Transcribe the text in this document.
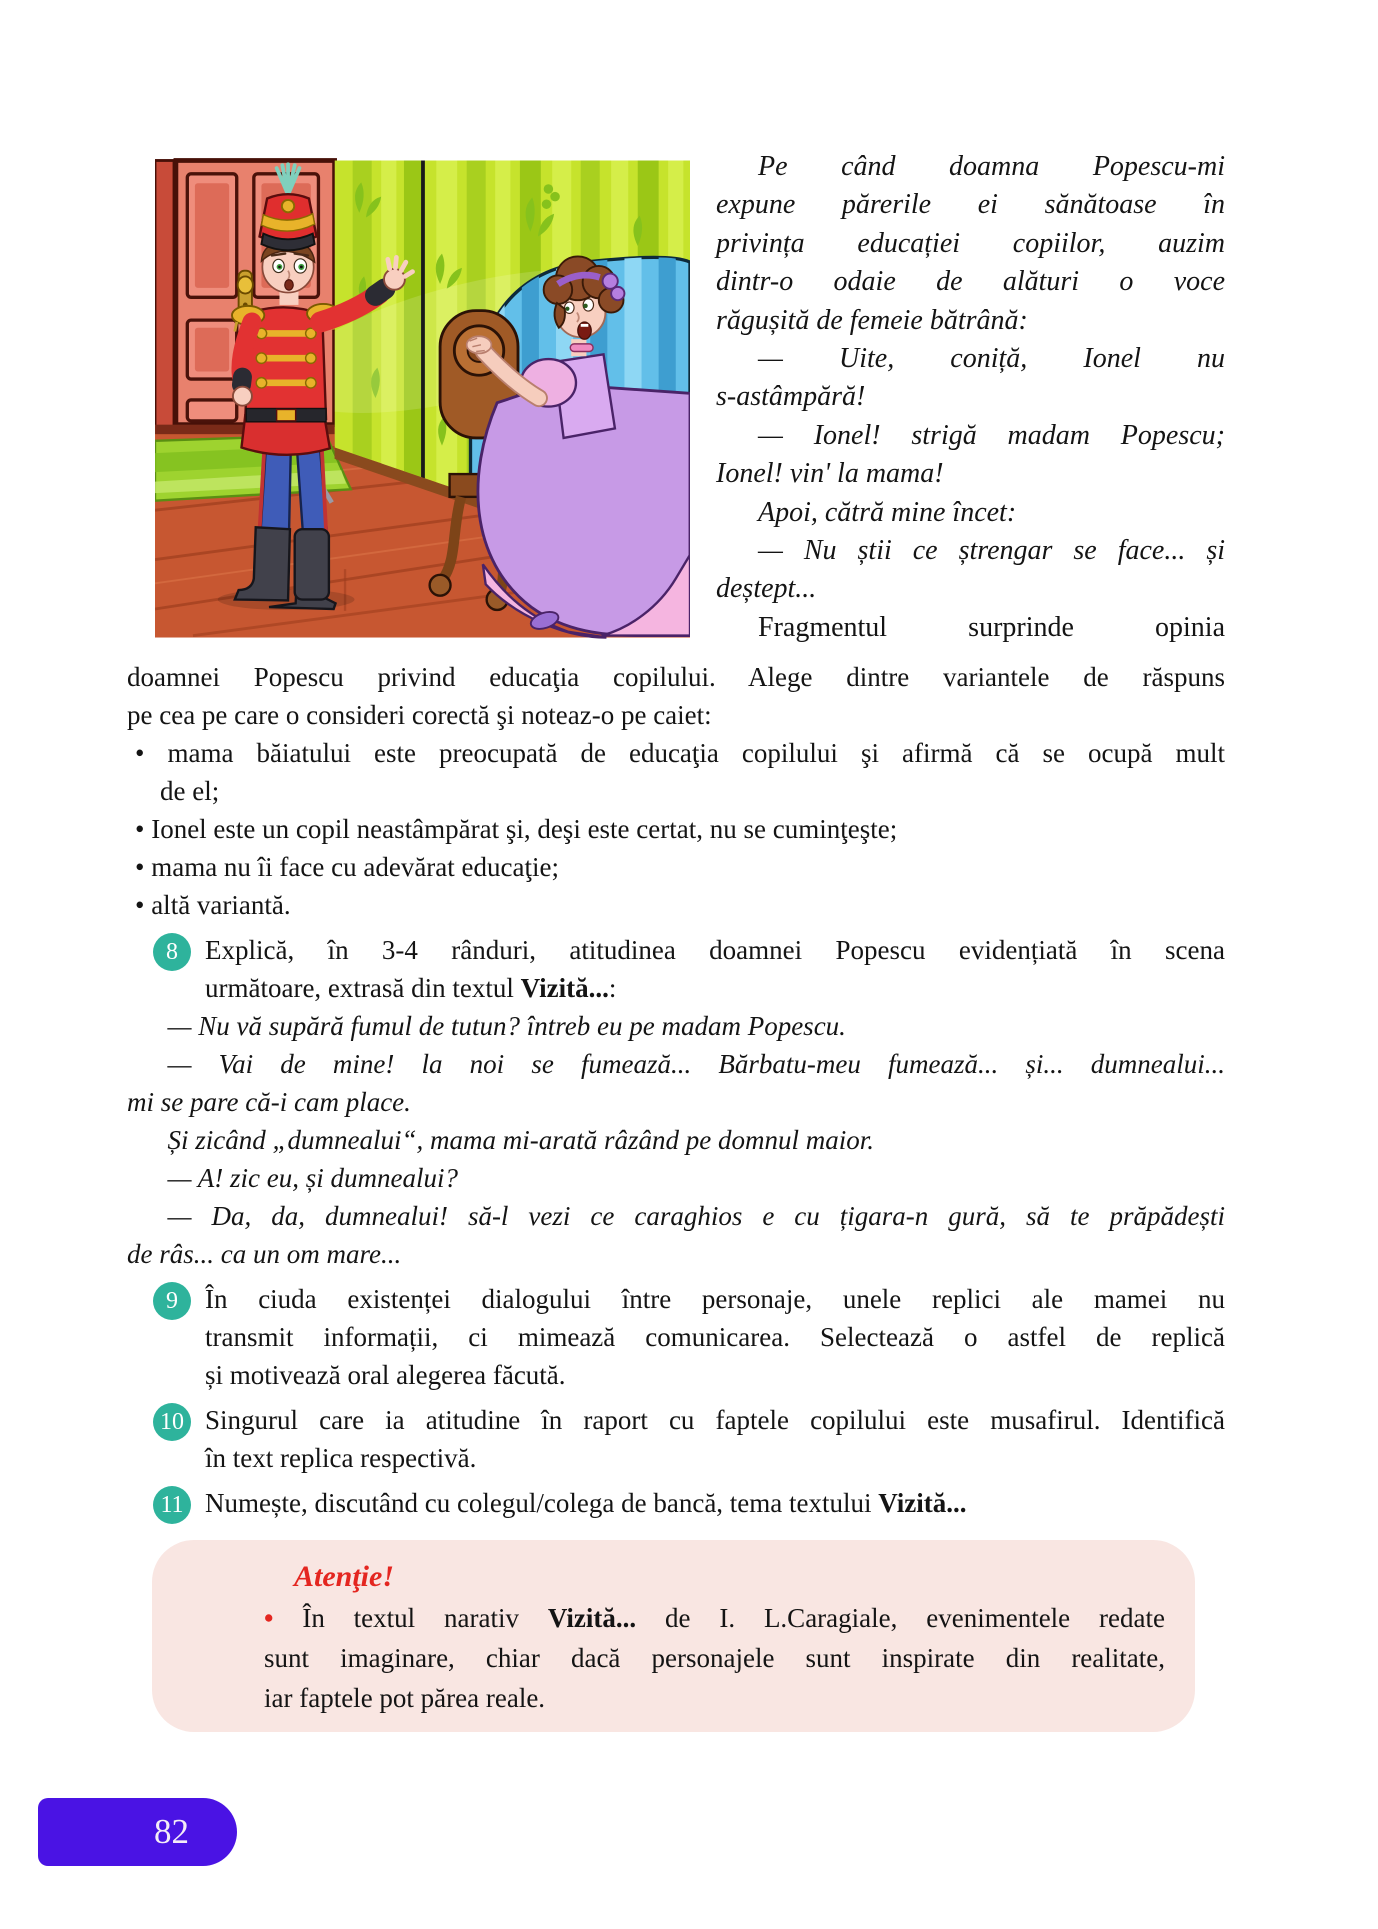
Pe când doamna Popescu-mi
expune părerile ei sănătoase în
privința educației copiilor, auzim
dintr-o odaie de alături o voce
răgușită de femeie bătrână:
— Uite, coniță, Ionel nu
s-astâmpără!
— Ionel! strigă madam Popescu;
Ionel! vin' la mama!
Apoi, cătră mine încet:
— Nu știi ce ștrengar se face... și
deștept...
Fragmentul surprinde opinia
doamnei Popescu privind educaţia copilului. Alege dintre variantele de răspuns
pe cea pe care o consideri corectă şi noteaz-o pe caiet:
• mama băiatului este preocupată de educaţia copilului şi afirmă că se ocupă mult
de el;
• Ionel este un copil neastâmpărat şi, deşi este certat, nu se cuminţeşte;
• mama nu îi face cu adevărat educaţie;
• altă variantă.
8	Explică, în 3-4 rânduri, atitudinea doamnei Popescu evidențiată în scena
următoare, extrasă din textul Vizită...:
— Nu vă supără fumul de tutun? întreb eu pe madam Popescu.
— Vai de mine! la noi se fumează... Bărbatu-meu fumează... și... dumnealui...
mi se pare că-i cam place.
Și zicând „dumnealui“, mama mi-arată râzând pe domnul maior.
— A! zic eu, și dumnealui?
— Da, da, dumnealui! să-l vezi ce caraghios e cu țigara-n gură, să te prăpădești
de râs... ca un om mare...
9	În ciuda existenței dialogului între personaje, unele replici ale mamei nu
transmit informații, ci mimează comunicarea. Selectează o astfel de replică
și motivează oral alegerea făcută.
10 Singurul care ia atitudine în raport cu faptele copilului este musafirul. Identifică
în text replica respectivă.
11 Numește, discutând cu colegul/colega de bancă, tema textului Vizită...
Atenţie!
• În textul narativ Vizită... de I. L.Caragiale, evenimentele redate
sunt imaginare, chiar dacă personajele sunt inspirate din realitate,
iar faptele pot părea reale.
82
